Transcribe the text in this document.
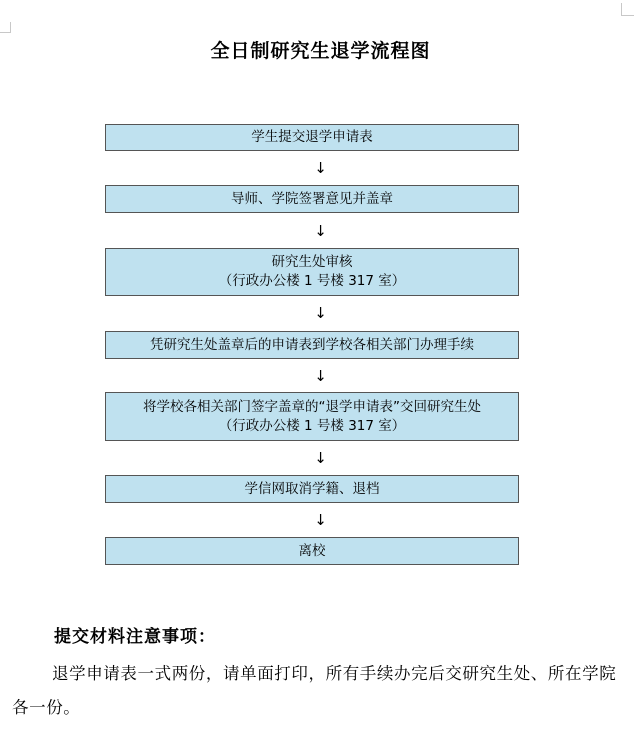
全日制研究生退学流程图
学生提交退学申请表
↓
导师、学院签署意见并盖章
↓
研究生处审核
（行政办公楼 1 号楼 317 室）
↓
凭研究生处盖章后的申请表到学校各相关部门办理手续
↓
将学校各相关部门签字盖章的“退学申请表”交回研究生处
（行政办公楼 1 号楼 317 室）
↓
学信网取消学籍、退档
↓
离校
提交材料注意事项：
退学申请表一式两份，请单面打印，所有手续办完后交研究生处、所在学院各一份。
